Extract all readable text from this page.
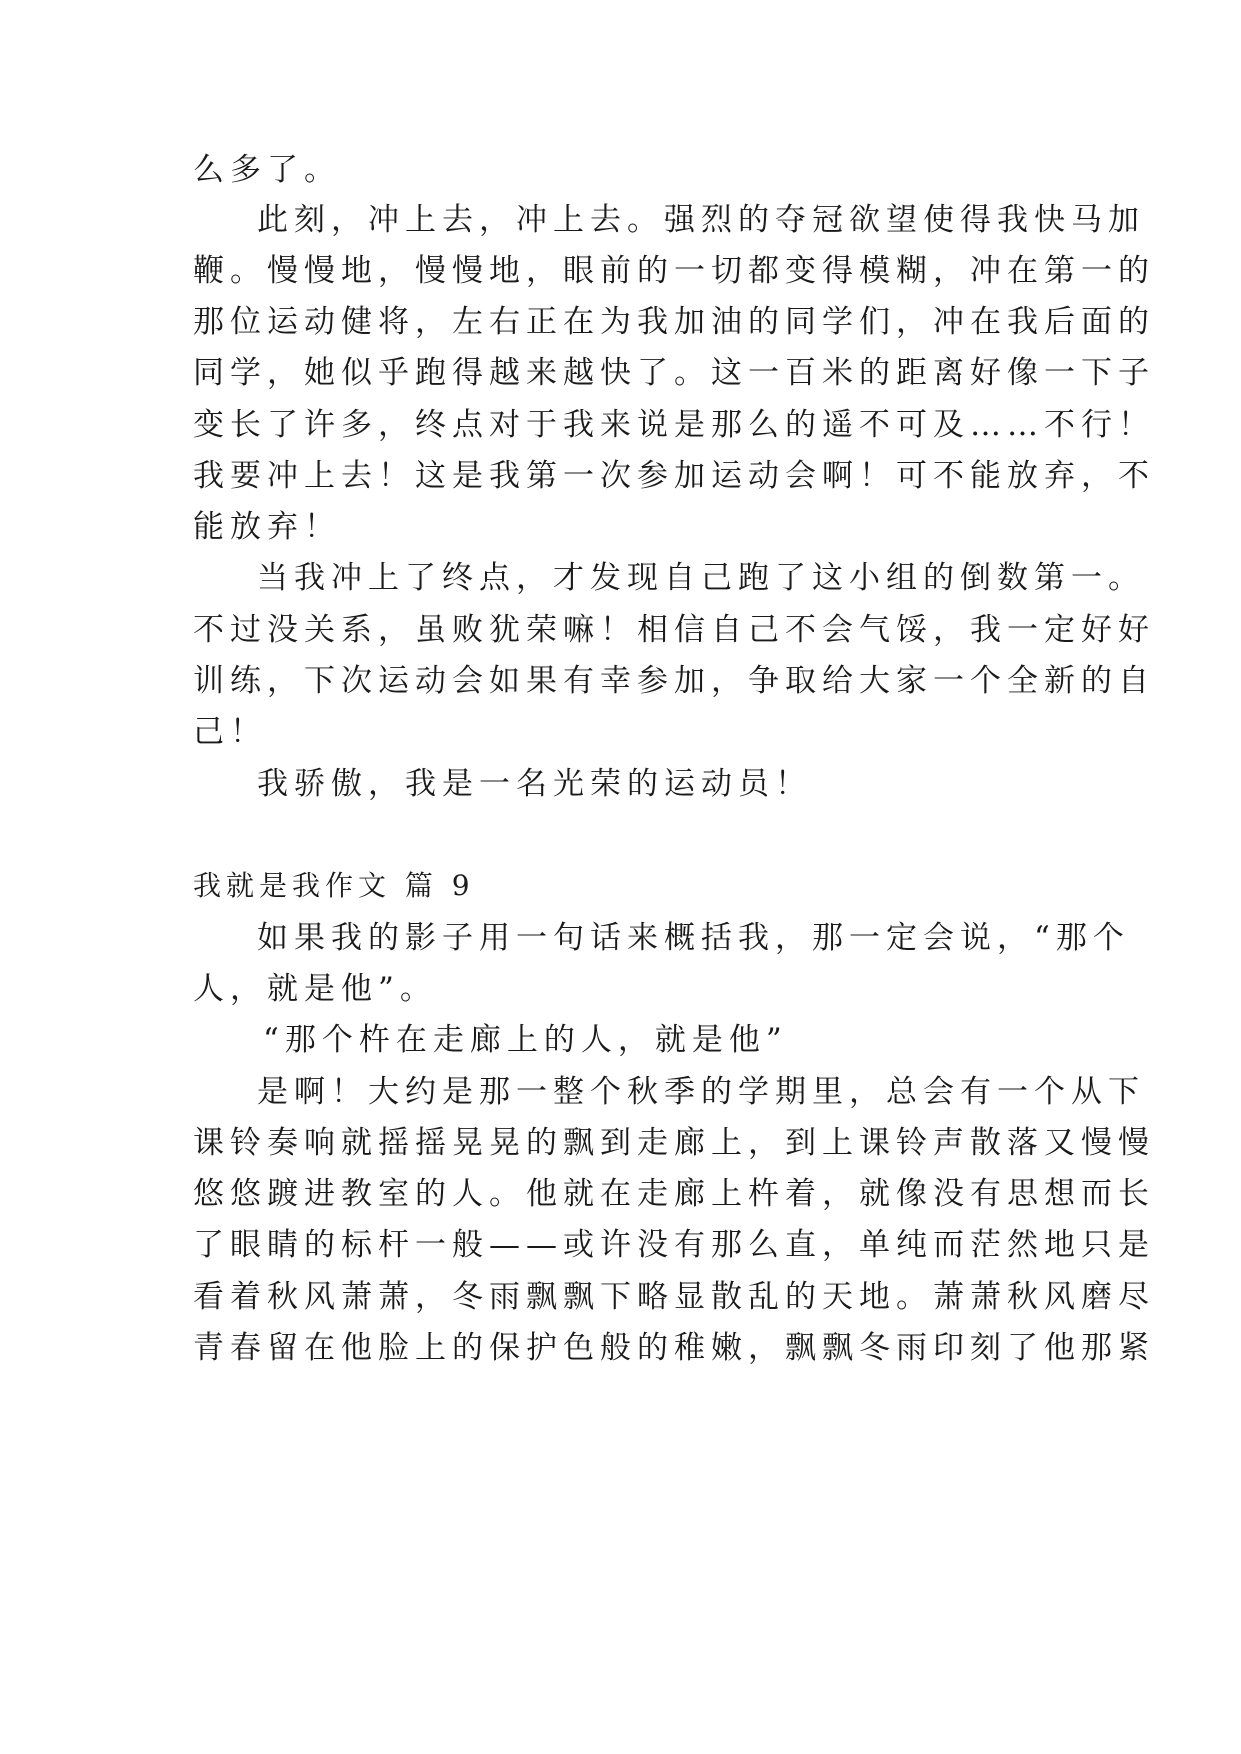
么多了。
此刻，冲上去，冲上去。强烈的夺冠欲望使得我快马加
鞭。慢慢地，慢慢地，眼前的一切都变得模糊，冲在第一的
那位运动健将，左右正在为我加油的同学们，冲在我后面的
同学，她似乎跑得越来越快了。这一百米的距离好像一下子
变长了许多，终点对于我来说是那么的遥不可及……不行！
我要冲上去！这是我第一次参加运动会啊！可不能放弃，不
能放弃！
当我冲上了终点，才发现自己跑了这小组的倒数第一。
不过没关系，虽败犹荣嘛！相信自己不会气馁，我一定好好
训练，下次运动会如果有幸参加，争取给大家一个全新的自
己！
我骄傲，我是一名光荣的运动员！
我就是我作文 篇 9
如果我的影子用一句话来概括我，那一定会说，“那个
人，就是他”。
“那个杵在走廊上的人，就是他”
是啊！大约是那一整个秋季的学期里，总会有一个从下
课铃奏响就摇摇晃晃的飘到走廊上，到上课铃声散落又慢慢
悠悠踱进教室的人。他就在走廊上杵着，就像没有思想而长
了眼睛的标杆一般——或许没有那么直，单纯而茫然地只是
看着秋风萧萧，冬雨飘飘下略显散乱的天地。萧萧秋风磨尽
青春留在他脸上的保护色般的稚嫩，飘飘冬雨印刻了他那紧
